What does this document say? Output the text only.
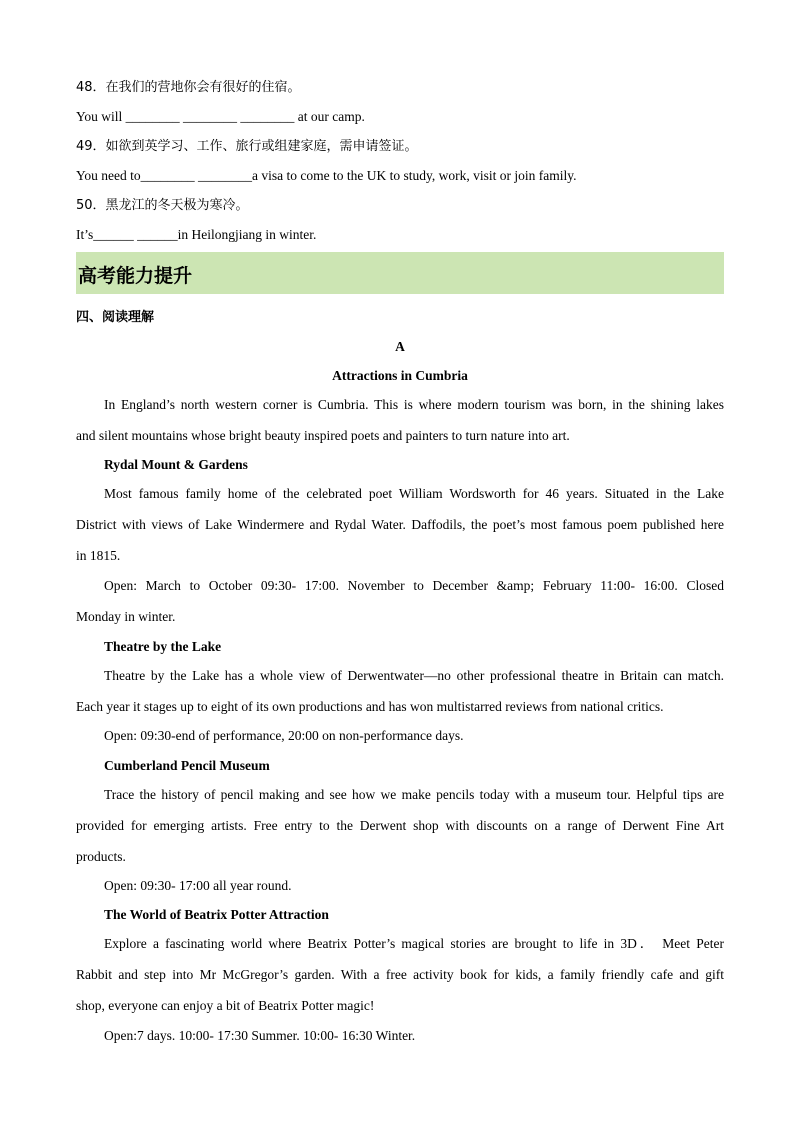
48．在我们的营地你会有很好的住宿。
You will ________ ________ ________ at our camp.
49．如欲到英学习、工作、旅行或组建家庭，需申请签证。
You need to________ ________a visa to come to the UK to study, work, visit or join family.
50．黑龙江的冬天极为寒冷。
It’s______ ______in Heilongjiang in winter.
高考能力提升
四、阅读理解
A
Attractions in Cumbria
In England’s north western corner is Cumbria. This is where modern tourism was born, in the shining lakes
and silent mountains whose bright beauty inspired poets and painters to turn nature into art.
Rydal Mount & Gardens
Most famous family home of the celebrated poet William Wordsworth for 46 years. Situated in the Lake
District with views of Lake Windermere and Rydal Water. Daffodils, the poet’s most famous poem published here
in 1815.
Open: March to October 09:30- 17:00. November to December &amp; February 11:00- 16:00. Closed
Monday in winter.
Theatre by the Lake
Theatre by the Lake has a whole view of Derwentwater—no other professional theatre in Britain can match.
Each year it stages up to eight of its own productions and has won multistarred reviews from national critics.
Open: 09:30-end of performance, 20:00 on non-performance days.
Cumberland Pencil Museum
Trace the history of pencil making and see how we make pencils today with a museum tour. Helpful tips are
provided for emerging artists. Free entry to the Derwent shop with discounts on a range of Derwent Fine Art
products.
Open: 09:30- 17:00 all year round.
The World of Beatrix Potter Attraction
Explore a fascinating world where Beatrix Potter’s magical stories are brought to life in 3D． Meet Peter
Rabbit and step into Mr McGregor’s garden. With a free activity book for kids, a family friendly cafe and gift
shop, everyone can enjoy a bit of Beatrix Potter magic!
Open:7 days. 10:00- 17:30 Summer. 10:00- 16:30 Winter.
